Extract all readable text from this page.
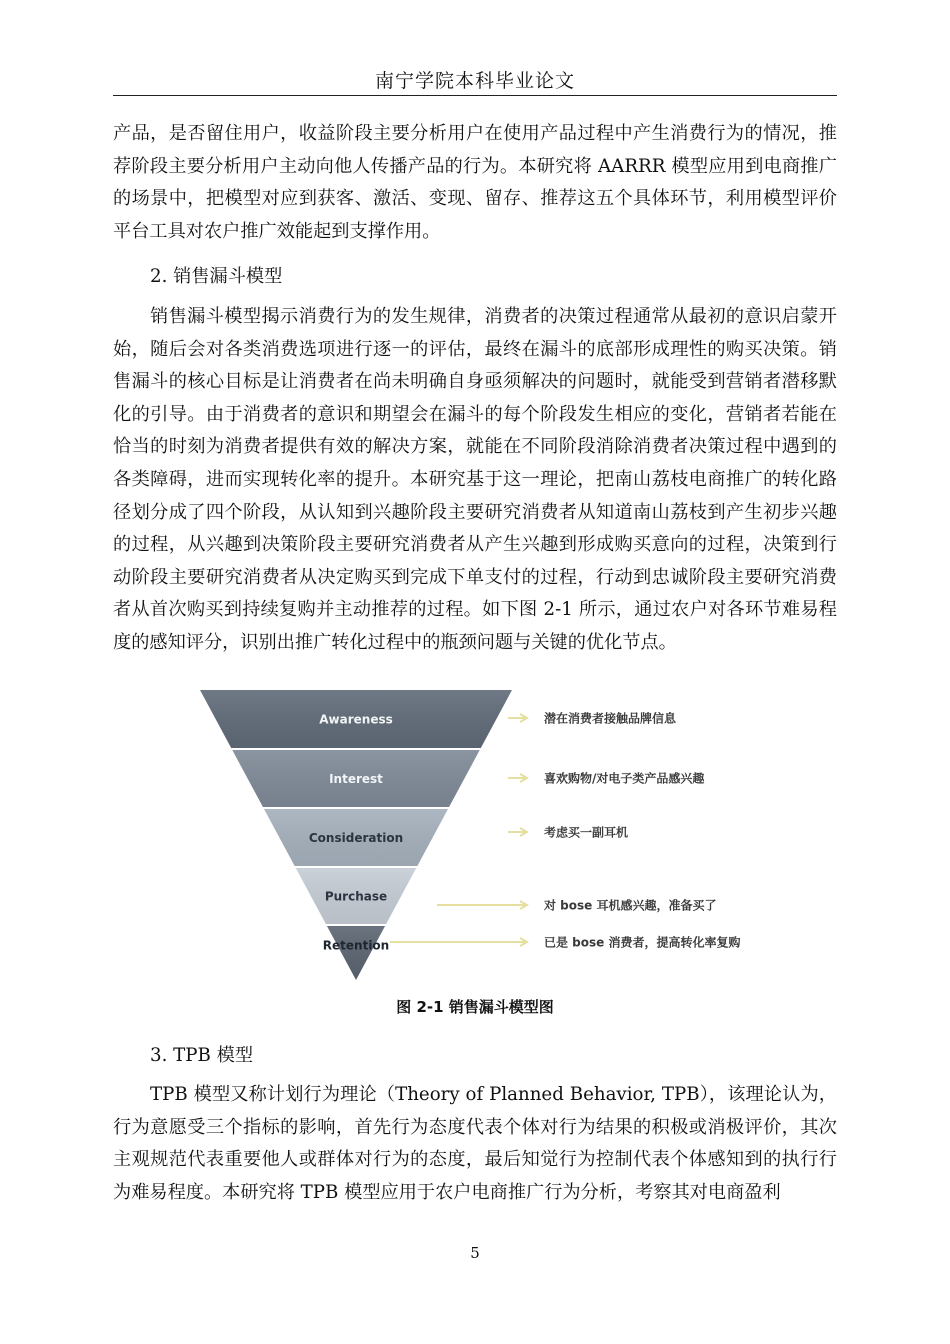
南宁学院本科毕业论文
产品，是否留住用户，收益阶段主要分析用户在使用产品过程中产生消费行为的情况，推荐阶段主要分析用户主动向他人传播产品的行为。本研究将 AARRR 模型应用到电商推广的场景中，把模型对应到获客、激活、变现、留存、推荐这五个具体环节，利用模型评价平台工具对农户推广效能起到支撑作用。
2. 销售漏斗模型
销售漏斗模型揭示消费行为的发生规律，消费者的决策过程通常从最初的意识启蒙开始，随后会对各类消费选项进行逐一的评估，最终在漏斗的底部形成理性的购买决策。销售漏斗的核心目标是让消费者在尚未明确自身亟须解决的问题时，就能受到营销者潜移默化的引导。由于消费者的意识和期望会在漏斗的每个阶段发生相应的变化，营销者若能在恰当的时刻为消费者提供有效的解决方案，就能在不同阶段消除消费者决策过程中遇到的各类障碍，进而实现转化率的提升。本研究基于这一理论，把南山荔枝电商推广的转化路径划分成了四个阶段，从认知到兴趣阶段主要研究消费者从知道南山荔枝到产生初步兴趣的过程，从兴趣到决策阶段主要研究消费者从产生兴趣到形成购买意向的过程，决策到行动阶段主要研究消费者从决定购买到完成下单支付的过程，行动到忠诚阶段主要研究消费者从首次购买到持续复购并主动推荐的过程。如下图 2-1 所示，通过农户对各环节难易程度的感知评分，识别出推广转化过程中的瓶颈问题与关键的优化节点。
Awareness
Interest
Consideration
Purchase
Retention
潜在消费者接触品牌信息
喜欢购物/对电子类产品感兴趣
考虑买一副耳机
对 bose 耳机感兴趣，准备买了
已是 bose 消费者，提高转化率复购
图 2-1 销售漏斗模型图
3. TPB 模型
TPB 模型又称计划行为理论（Theory of Planned Behavior, TPB），该理论认为，行为意愿受三个指标的影响，首先行为态度代表个体对行为结果的积极或消极评价，其次主观规范代表重要他人或群体对行为的态度，最后知觉行为控制代表个体感知到的执行行为难易程度。本研究将 TPB 模型应用于农户电商推广行为分析，考察其对电商盈利
5
